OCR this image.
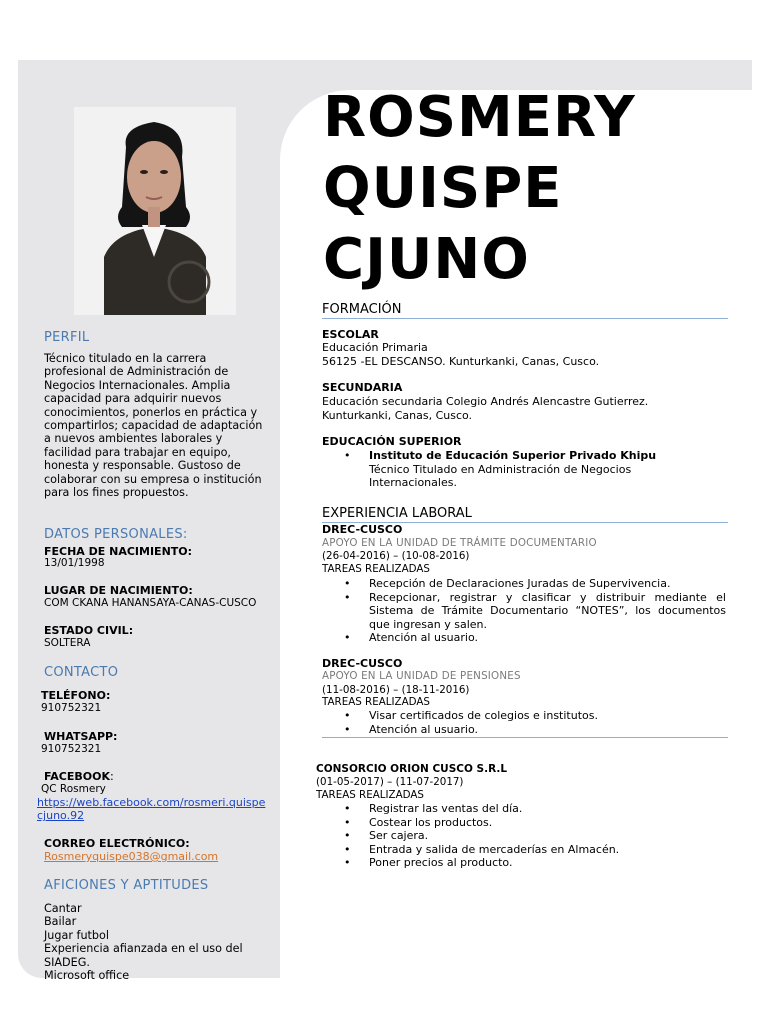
ROSMERY
QUISPE
CJUNO
PERFIL
Técnico titulado en la carrera profesional de Administración de Negocios Internacionales. Amplia capacidad para adquirir nuevos conocimientos, ponerlos en práctica y compartirlos; capacidad de adaptación a nuevos ambientes laborales y facilidad para trabajar en equipo, honesta y responsable. Gustoso de colaborar con su empresa o institución para los fines propuestos.
DATOS PERSONALES:
FECHA DE NACIMIENTO:
13/01/1998
LUGAR DE NACIMIENTO:
COM CKANA HANANSAYA-CANAS-CUSCO
ESTADO CIVIL:
SOLTERA
CONTACTO
TELÉFONO:
910752321
WHATSAPP:
910752321
FACEBOOK:
QC Rosmery
https://web.facebook.com/rosmeri.quispecjuno.92
CORREO ELECTRÓNICO:
Rosmeryquispe038@gmail.com
AFICIONES Y APTITUDES
Cantar
Bailar
Jugar futbol
Experiencia afianzada en el uso del SIADEG.
Microsoft office
FORMACIÓN
ESCOLAR
Educación Primaria
56125 -EL DESCANSO. Kunturkanki, Canas, Cusco.
SECUNDARIA
Educación secundaria Colegio Andrés Alencastre Gutierrez. Kunturkanki, Canas, Cusco.
EDUCACIÓN SUPERIOR
• Instituto de Educación Superior Privado Khipu
Técnico Titulado en Administración de Negocios Internacionales.
EXPERIENCIA LABORAL
DREC-CUSCO
APOYO EN LA UNIDAD DE TRÁMITE DOCUMENTARIO
(26-04-2016) – (10-08-2016)
TAREAS REALIZADAS
• Recepción de Declaraciones Juradas de Supervivencia.
• Recepcionar, registrar y clasificar y distribuir mediante el Sistema de Trámite Documentario “NOTES”, los documentos que ingresan y salen.
• Atención al usuario.
DREC-CUSCO
APOYO EN LA UNIDAD DE PENSIONES
(11-08-2016) – (18-11-2016)
TAREAS REALIZADAS
• Visar certificados de colegios e institutos.
• Atención al usuario.
CONSORCIO ORION CUSCO S.R.L
(01-05-2017) – (11-07-2017)
TAREAS REALIZADAS
• Registrar las ventas del día.
• Costear los productos.
• Ser cajera.
• Entrada y salida de mercaderías en Almacén.
• Poner precios al producto.
